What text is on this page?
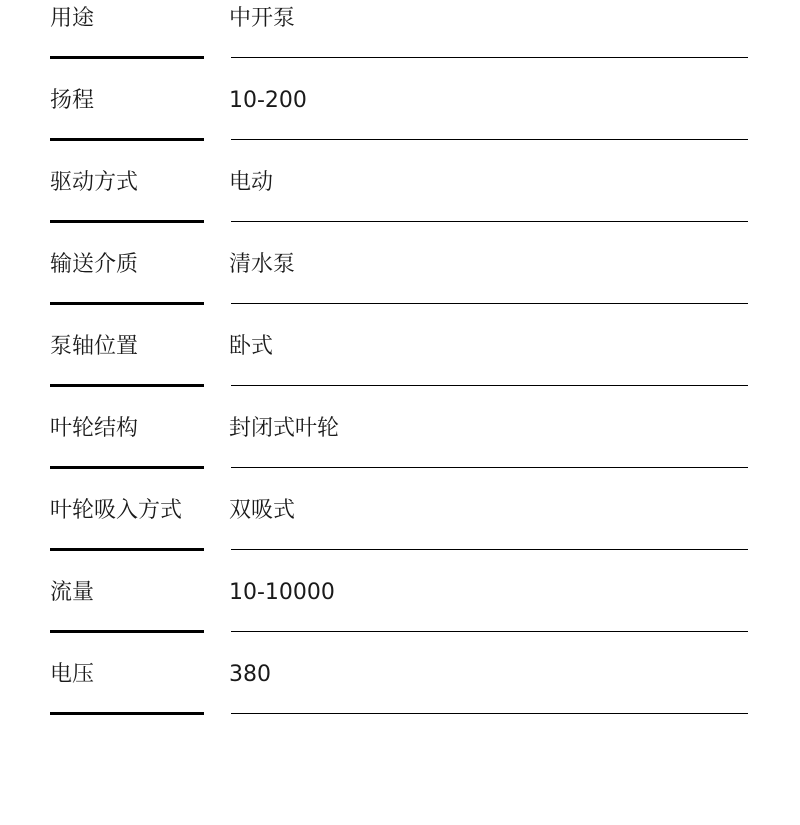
用途	中开泵
扬程	10-200
驱动方式	电动
输送介质	清水泵
泵轴位置	卧式
叶轮结构	封闭式叶轮
叶轮吸入方式 双吸式
流量	10-10000
电压	380
